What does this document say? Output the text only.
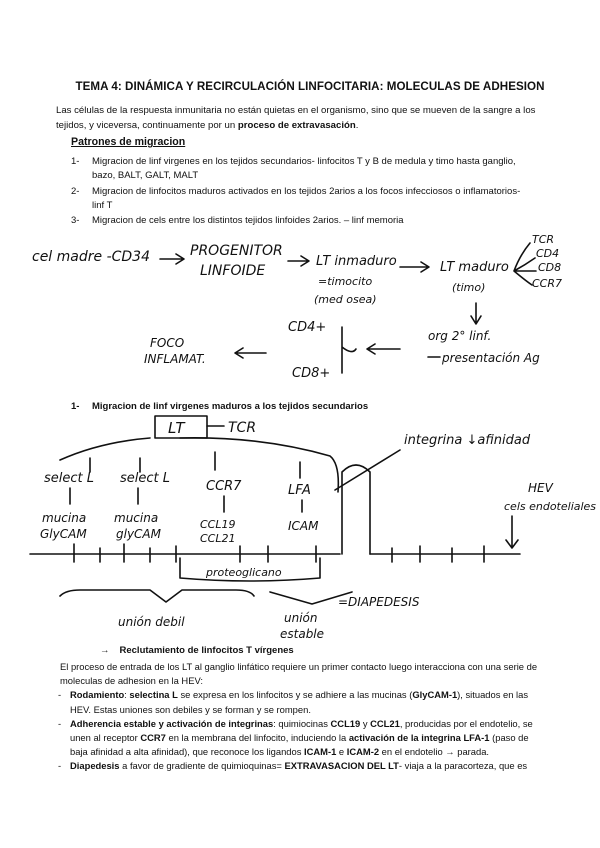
TEMA 4: DINÁMICA Y RECIRCULACIÓN LINFOCITARIA: MOLECULAS DE ADHESION
Las células de la respuesta inmunitaria no están quietas en el organismo, sino que se mueven de la sangre a los tejidos, y viceversa, continuamente por un proceso de extravasación.
Patrones de migracion
1- Migracion de linf virgenes en los tejidos secundarios- linfocitos T y B de medula y timo hasta ganglio, bazo, BALT, GALT, MALT
2- Migracion de linfocitos maduros activados en los tejidos 2arios a los focos infecciosos o inflamatorios- linf T
3- Migracion de cels entre los distintos tejidos linfoides 2arios. – linf memoria
cel madre -CD34	PROGENITOR
LINFOIDE
LT inmaduro
=timocito
(med osea)
LT maduro
(timo)
TCR
CD4
CD8
CCR7
org 2° linf.
presentación Ag
CD4+
CD8+
FOCO
INFLAMAT.
1- Migracion de linf virgenes maduros a los tejidos secundarios
LT	TCR
integrina ↓afinidad
select L select L
CCR7	LFA
mucina
GlyCAM
mucina
glyCAM
CCL19
CCL21
ICAM
proteoglicano
HEV
cels endoteliales
=DIAPEDESIS
unión debil	unión
estable
→ Reclutamiento de linfocitos T vírgenes
El proceso de entrada de los LT al ganglio linfático requiere un primer contacto luego interacciona con una serie de moleculas de adhesion en la HEV:
- Rodamiento: selectina L se expresa en los linfocitos y se adhiere a las mucinas (GlyCAM-1), situados en las HEV. Estas uniones son debiles y se forman y se rompen.
- Adherencia estable y activación de integrinas: quimiocinas CCL19 y CCL21, producidas por el endotelio, se unen al receptor CCR7 en la membrana del linfocito, induciendo la activación de la integrina LFA-1 (paso de baja afinidad a alta afinidad), que reconoce los ligandos ICAM-1 e ICAM-2 en el endotelio → parada.
- Diapedesis a favor de gradiente de quimioquinas= EXTRAVASACION DEL LT- viaja a la paracorteza, que es
